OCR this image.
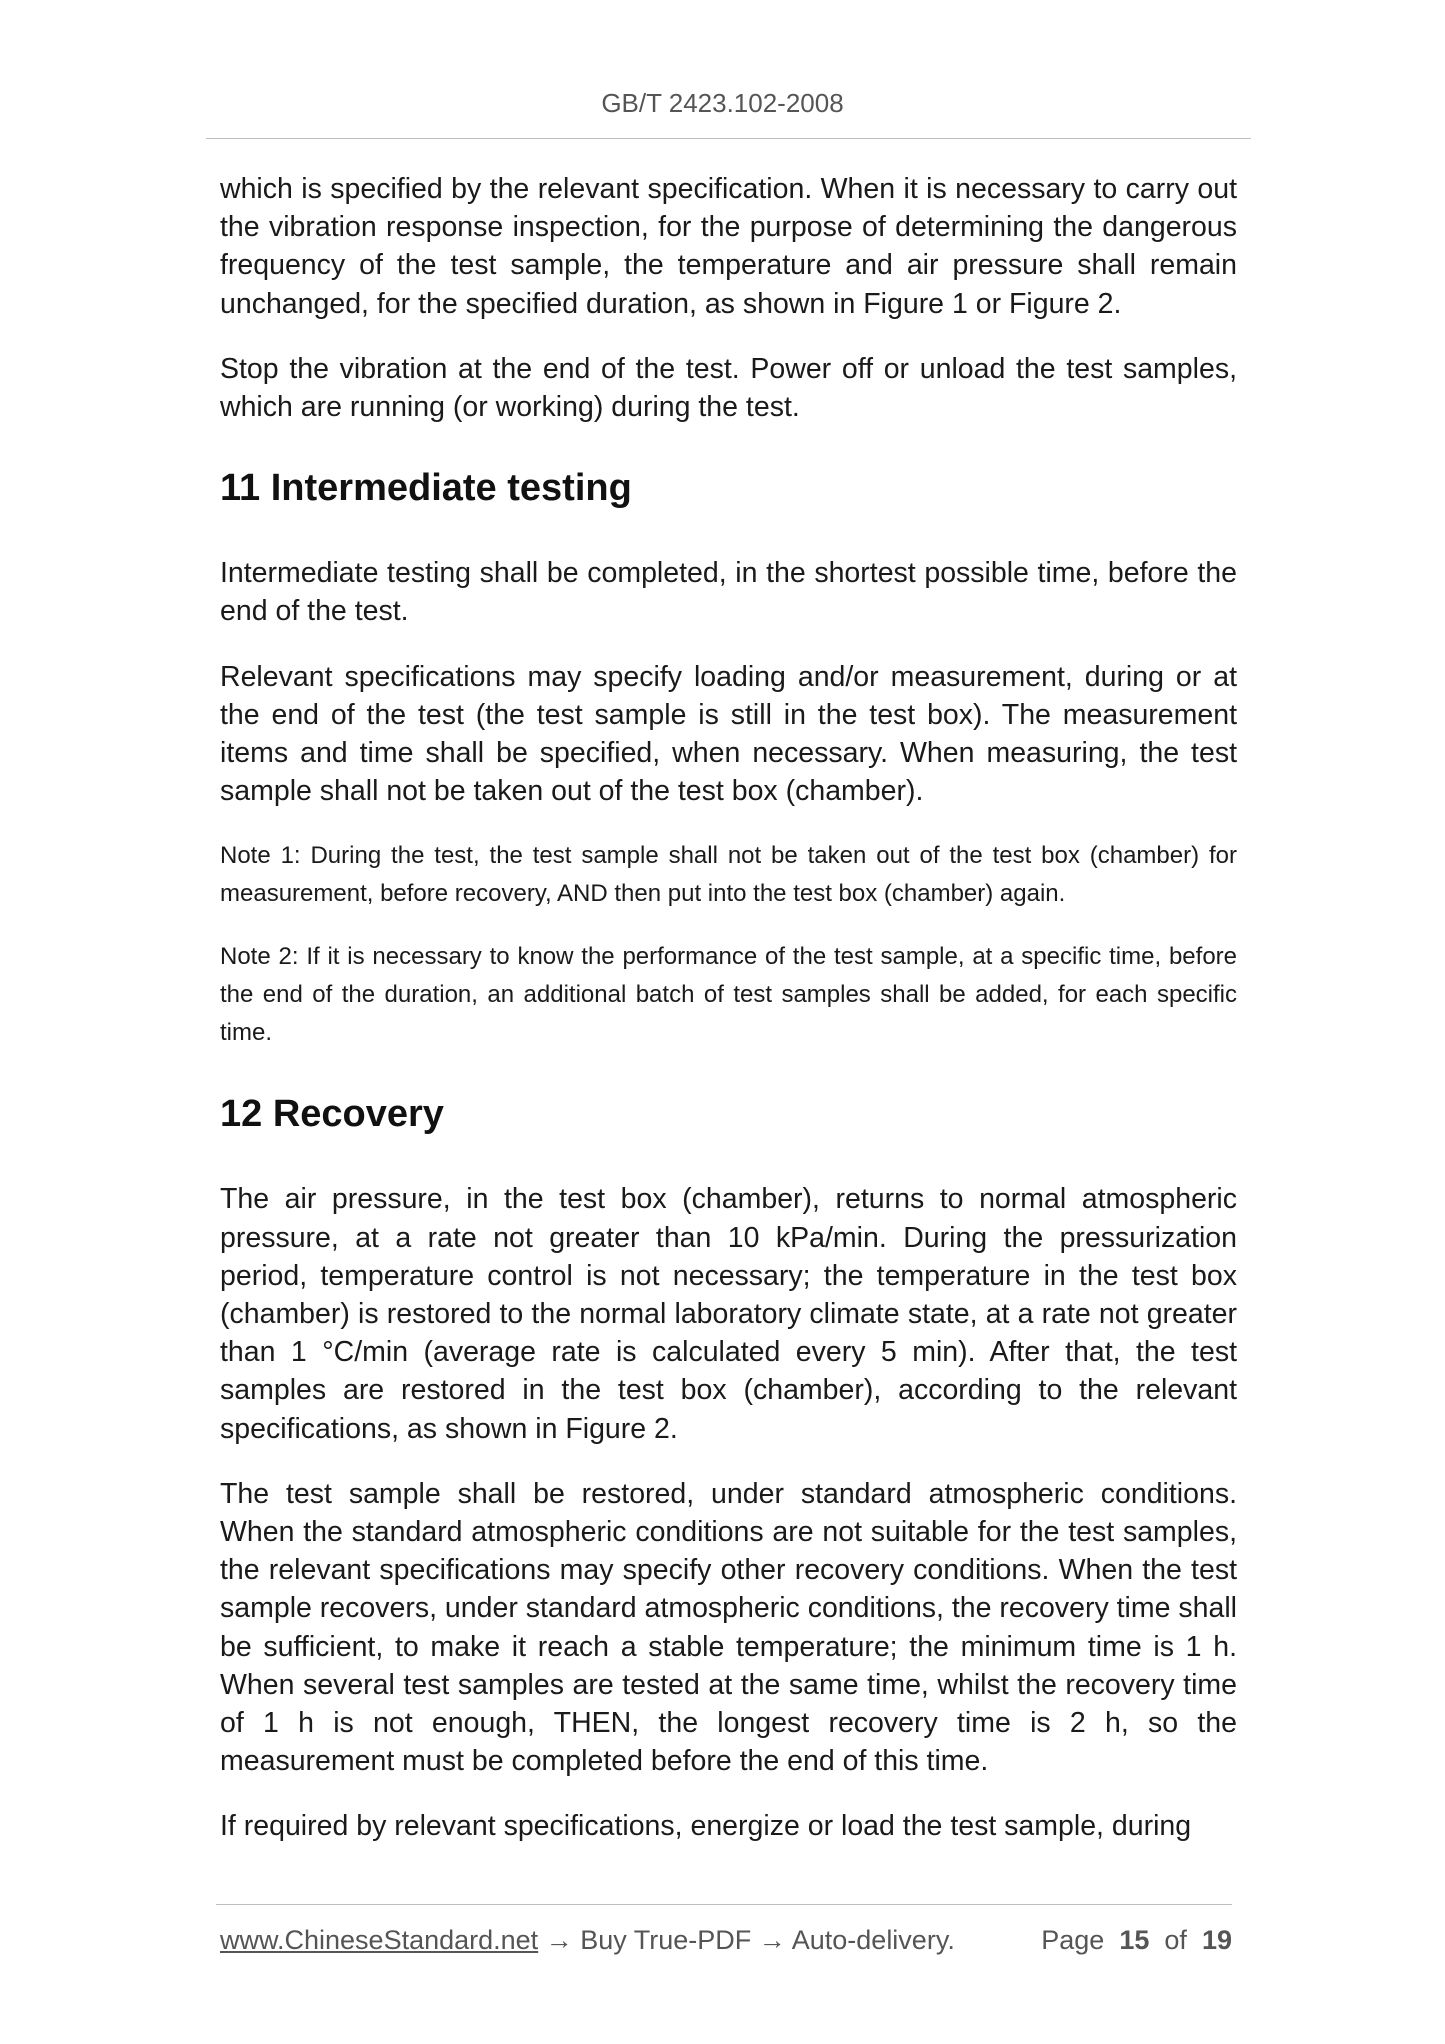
GB/T 2423.102-2008

which is specified by the relevant specification. When it is necessary to carry out the vibration response inspection, for the purpose of determining the dangerous frequency of the test sample, the temperature and air pressure shall remain unchanged, for the specified duration, as shown in Figure 1 or Figure 2.

Stop the vibration at the end of the test. Power off or unload the test samples, which are running (or working) during the test.

11 Intermediate testing

Intermediate testing shall be completed, in the shortest possible time, before the end of the test.

Relevant specifications may specify loading and/or measurement, during or at the end of the test (the test sample is still in the test box). The measurement items and time shall be specified, when necessary. When measuring, the test sample shall not be taken out of the test box (chamber).

Note 1: During the test, the test sample shall not be taken out of the test box (chamber) for measurement, before recovery, AND then put into the test box (chamber) again.

Note 2: If it is necessary to know the performance of the test sample, at a specific time, before the end of the duration, an additional batch of test samples shall be added, for each specific time.

12 Recovery

The air pressure, in the test box (chamber), returns to normal atmospheric pressure, at a rate not greater than 10 kPa/min. During the pressurization period, temperature control is not necessary; the temperature in the test box (chamber) is restored to the normal laboratory climate state, at a rate not greater than 1 °C/min (average rate is calculated every 5 min). After that, the test samples are restored in the test box (chamber), according to the relevant specifications, as shown in Figure 2.

The test sample shall be restored, under standard atmospheric conditions. When the standard atmospheric conditions are not suitable for the test samples, the relevant specifications may specify other recovery conditions. When the test sample recovers, under standard atmospheric conditions, the recovery time shall be sufficient, to make it reach a stable temperature; the minimum time is 1 h. When several test samples are tested at the same time, whilst the recovery time of 1 h is not enough, THEN, the longest recovery time is 2 h, so the measurement must be completed before the end of this time.

If required by relevant specifications, energize or load the test sample, during

www.ChineseStandard.net → Buy True-PDF → Auto-delivery.	Page 15 of 19
